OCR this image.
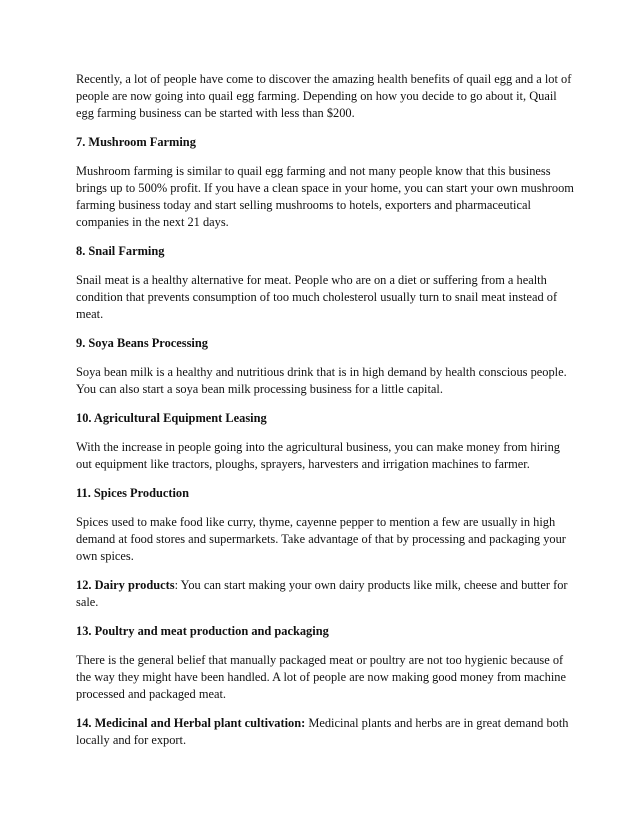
Recently, a lot of people have come to discover the amazing health benefits of quail egg and a lot of people are now going into quail egg farming. Depending on how you decide to go about it, Quail egg farming business can be started with less than $200.

7. Mushroom Farming

Mushroom farming is similar to quail egg farming and not many people know that this business brings up to 500% profit. If you have a clean space in your home, you can start your own mushroom farming business today and start selling mushrooms to hotels, exporters and pharmaceutical companies in the next 21 days.

8. Snail Farming

Snail meat is a healthy alternative for meat. People who are on a diet or suffering from a health condition that prevents consumption of too much cholesterol usually turn to snail meat instead of meat.

9. Soya Beans Processing

Soya bean milk is a healthy and nutritious drink that is in high demand by health conscious people. You can also start a soya bean milk processing business for a little capital.

10. Agricultural Equipment Leasing

With the increase in people going into the agricultural business, you can make money from hiring out equipment like tractors, ploughs, sprayers, harvesters and irrigation machines to farmer.

11. Spices Production

Spices used to make food like curry, thyme, cayenne pepper to mention a few are usually in high demand at food stores and supermarkets. Take advantage of that by processing and packaging your own spices.

12. Dairy products: You can start making your own dairy products like milk, cheese and butter for sale.

13. Poultry and meat production and packaging

There is the general belief that manually packaged meat or poultry are not too hygienic because of the way they might have been handled. A lot of people are now making good money from machine processed and packaged meat.

14. Medicinal and Herbal plant cultivation: Medicinal plants and herbs are in great demand both locally and for export.
